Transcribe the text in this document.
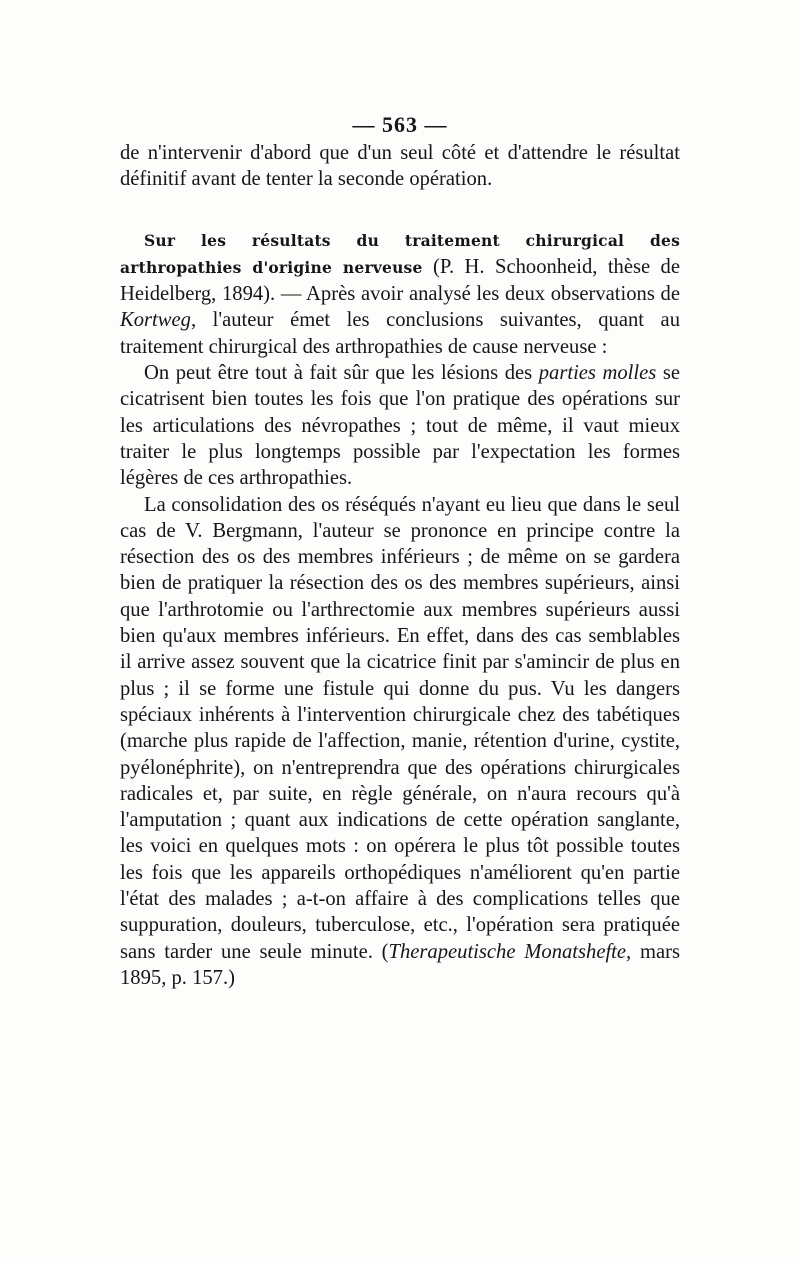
— 563 —

de n'intervenir d'abord que d'un seul côté et d'attendre le résultat définitif avant de tenter la seconde opération.

Sur les résultats du traitement chirurgical des arthropathies d'origine nerveuse (P. H. Schoonheid, thèse de Heidelberg, 1894). — Après avoir analysé les deux observations de Kortweg, l'auteur émet les conclusions suivantes, quant au traitement chirurgical des arthropathies de cause nerveuse :

On peut être tout à fait sûr que les lésions des parties molles se cicatrisent bien toutes les fois que l'on pratique des opérations sur les articulations des névropathes ; tout de même, il vaut mieux traiter le plus longtemps possible par l'expectation les formes légères de ces arthropathies.

La consolidation des os réséqués n'ayant eu lieu que dans le seul cas de V. Bergmann, l'auteur se prononce en principe contre la résection des os des membres inférieurs ; de même on se gardera bien de pratiquer la résection des os des membres supérieurs, ainsi que l'arthrotomie ou l'arthrectomie aux membres supérieurs aussi bien qu'aux membres inférieurs. En effet, dans des cas semblables il arrive assez souvent que la cicatrice finit par s'amincir de plus en plus ; il se forme une fistule qui donne du pus. Vu les dangers spéciaux inhérents à l'intervention chirurgicale chez des tabétiques (marche plus rapide de l'affection, manie, rétention d'urine, cystite, pyélonéphrite), on n'entreprendra que des opérations chirurgicales radicales et, par suite, en règle générale, on n'aura recours qu'à l'amputation ; quant aux indications de cette opération sanglante, les voici en quelques mots : on opérera le plus tôt possible toutes les fois que les appareils orthopédiques n'améliorent qu'en partie l'état des malades ; a-t-on affaire à des complications telles que suppuration, douleurs, tuberculose, etc., l'opération sera pratiquée sans tarder une seule minute. (Therapeutische Monatshefte, mars 1895, p. 157.)
